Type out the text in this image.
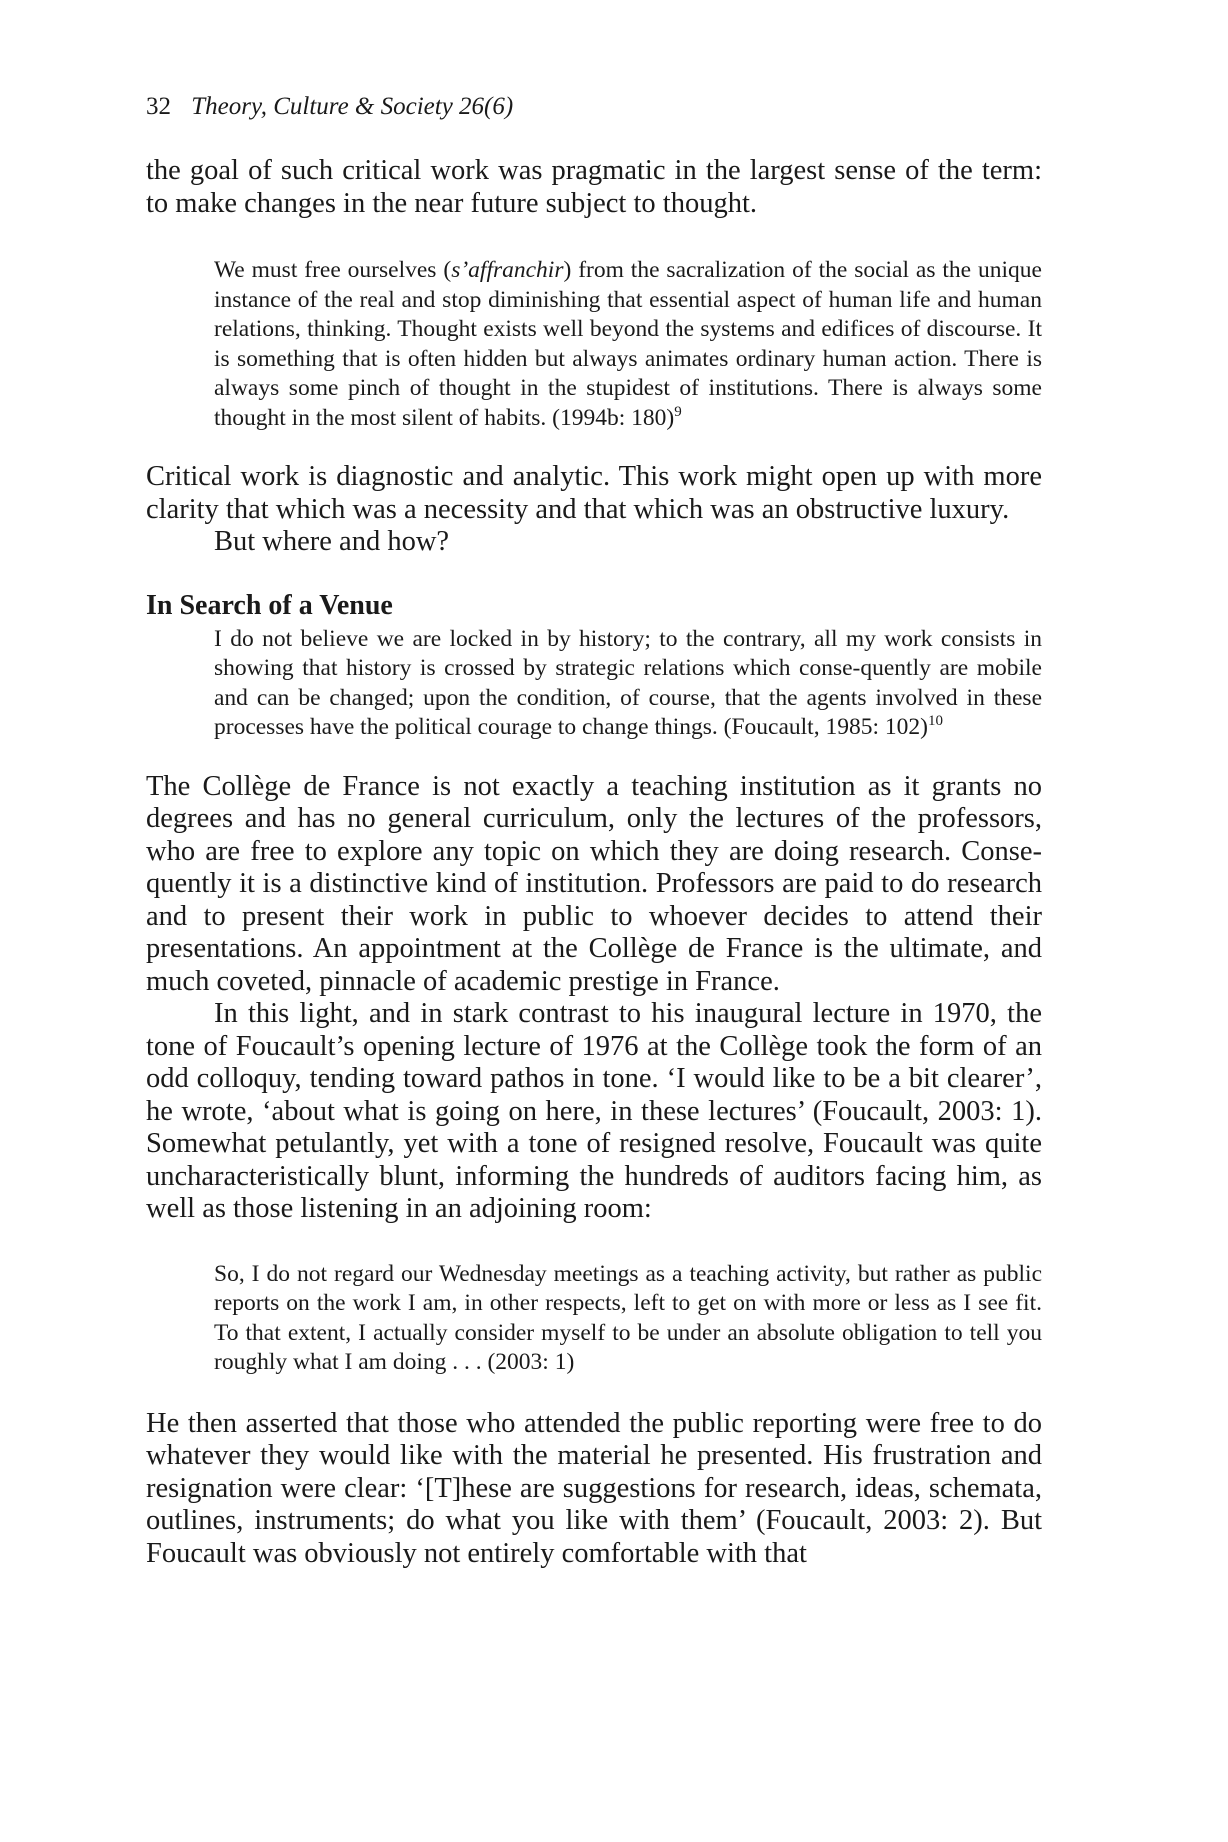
32 Theory, Culture & Society 26(6)

the goal of such critical work was pragmatic in the largest sense of the term: to make changes in the near future subject to thought.

We must free ourselves (s’affranchir) from the sacralization of the social as the unique instance of the real and stop diminishing that essential aspect of human life and human relations, thinking. Thought exists well beyond the systems and edifices of discourse. It is something that is often hidden but always animates ordinary human action. There is always some pinch of thought in the stupidest of institutions. There is always some thought in the most silent of habits. (1994b: 180)$^9$

Critical work is diagnostic and analytic. This work might open up with more clarity that which was a necessity and that which was an obstructive luxury.

But where and how?

In Search of a Venue

I do not believe we are locked in by history; to the contrary, all my work consists in showing that history is crossed by strategic relations which conse-quently are mobile and can be changed; upon the condition, of course, that the agents involved in these processes have the political courage to change things. (Foucault, 1985: 102)$^{10}$

The Collège de France is not exactly a teaching institution as it grants no degrees and has no general curriculum, only the lectures of the professors, who are free to explore any topic on which they are doing research. Conse-quently it is a distinctive kind of institution. Professors are paid to do research and to present their work in public to whoever decides to attend their presentations. An appointment at the Collège de France is the ultimate, and much coveted, pinnacle of academic prestige in France.

In this light, and in stark contrast to his inaugural lecture in 1970, the tone of Foucault’s opening lecture of 1976 at the Collège took the form of an odd colloquy, tending toward pathos in tone. ‘I would like to be a bit clearer’, he wrote, ‘about what is going on here, in these lectures’ (Foucault, 2003: 1). Somewhat petulantly, yet with a tone of resigned resolve, Foucault was quite uncharacteristically blunt, informing the hundreds of auditors facing him, as well as those listening in an adjoining room:

So, I do not regard our Wednesday meetings as a teaching activity, but rather as public reports on the work I am, in other respects, left to get on with more or less as I see fit. To that extent, I actually consider myself to be under an absolute obligation to tell you roughly what I am doing . . . (2003: 1)

He then asserted that those who attended the public reporting were free to do whatever they would like with the material he presented. His frustration and resignation were clear: ‘[T]hese are suggestions for research, ideas, schemata, outlines, instruments; do what you like with them’ (Foucault, 2003: 2). But Foucault was obviously not entirely comfortable with that
